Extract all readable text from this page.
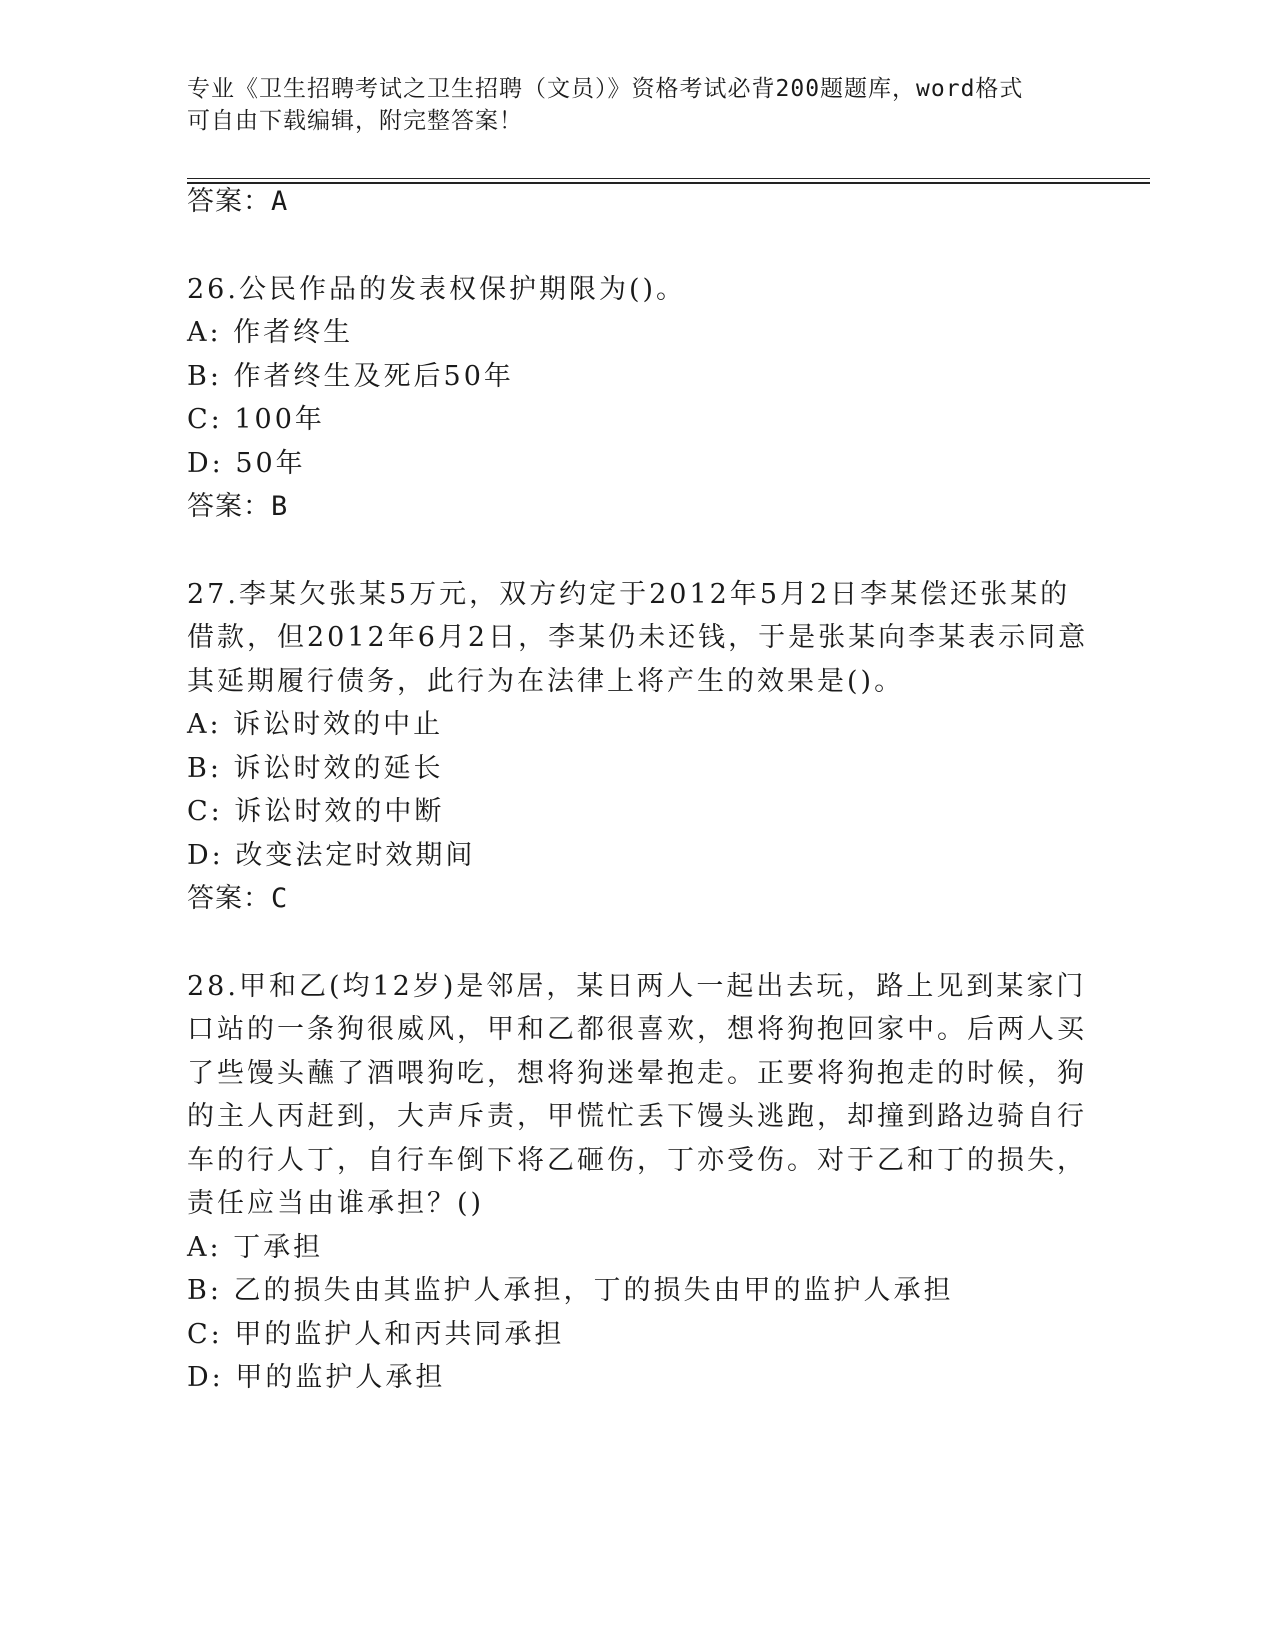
专业《卫生招聘考试之卫生招聘（文员）》资格考试必背200题题库，word格式
可自由下载编辑，附完整答案！
答案：A
26.公民作品的发表权保护期限为()。
A: 作者终生
B: 作者终生及死后50年
C: 100年
D: 50年
答案：B
27.李某欠张某5万元，双方约定于2012年5月2日李某偿还张某的
借款，但2012年6月2日，李某仍未还钱，于是张某向李某表示同意
其延期履行债务，此行为在法律上将产生的效果是()。
A: 诉讼时效的中止
B: 诉讼时效的延长
C: 诉讼时效的中断
D: 改变法定时效期间
答案：C
28.甲和乙(均12岁)是邻居，某日两人一起出去玩，路上见到某家门
口站的一条狗很威风，甲和乙都很喜欢，想将狗抱回家中。后两人买
了些馒头蘸了酒喂狗吃，想将狗迷晕抱走。正要将狗抱走的时候，狗
的主人丙赶到，大声斥责，甲慌忙丢下馒头逃跑，却撞到路边骑自行
车的行人丁，自行车倒下将乙砸伤，丁亦受伤。对于乙和丁的损失，
责任应当由谁承担？()
A: 丁承担
B: 乙的损失由其监护人承担，丁的损失由甲的监护人承担
C: 甲的监护人和丙共同承担
D: 甲的监护人承担
